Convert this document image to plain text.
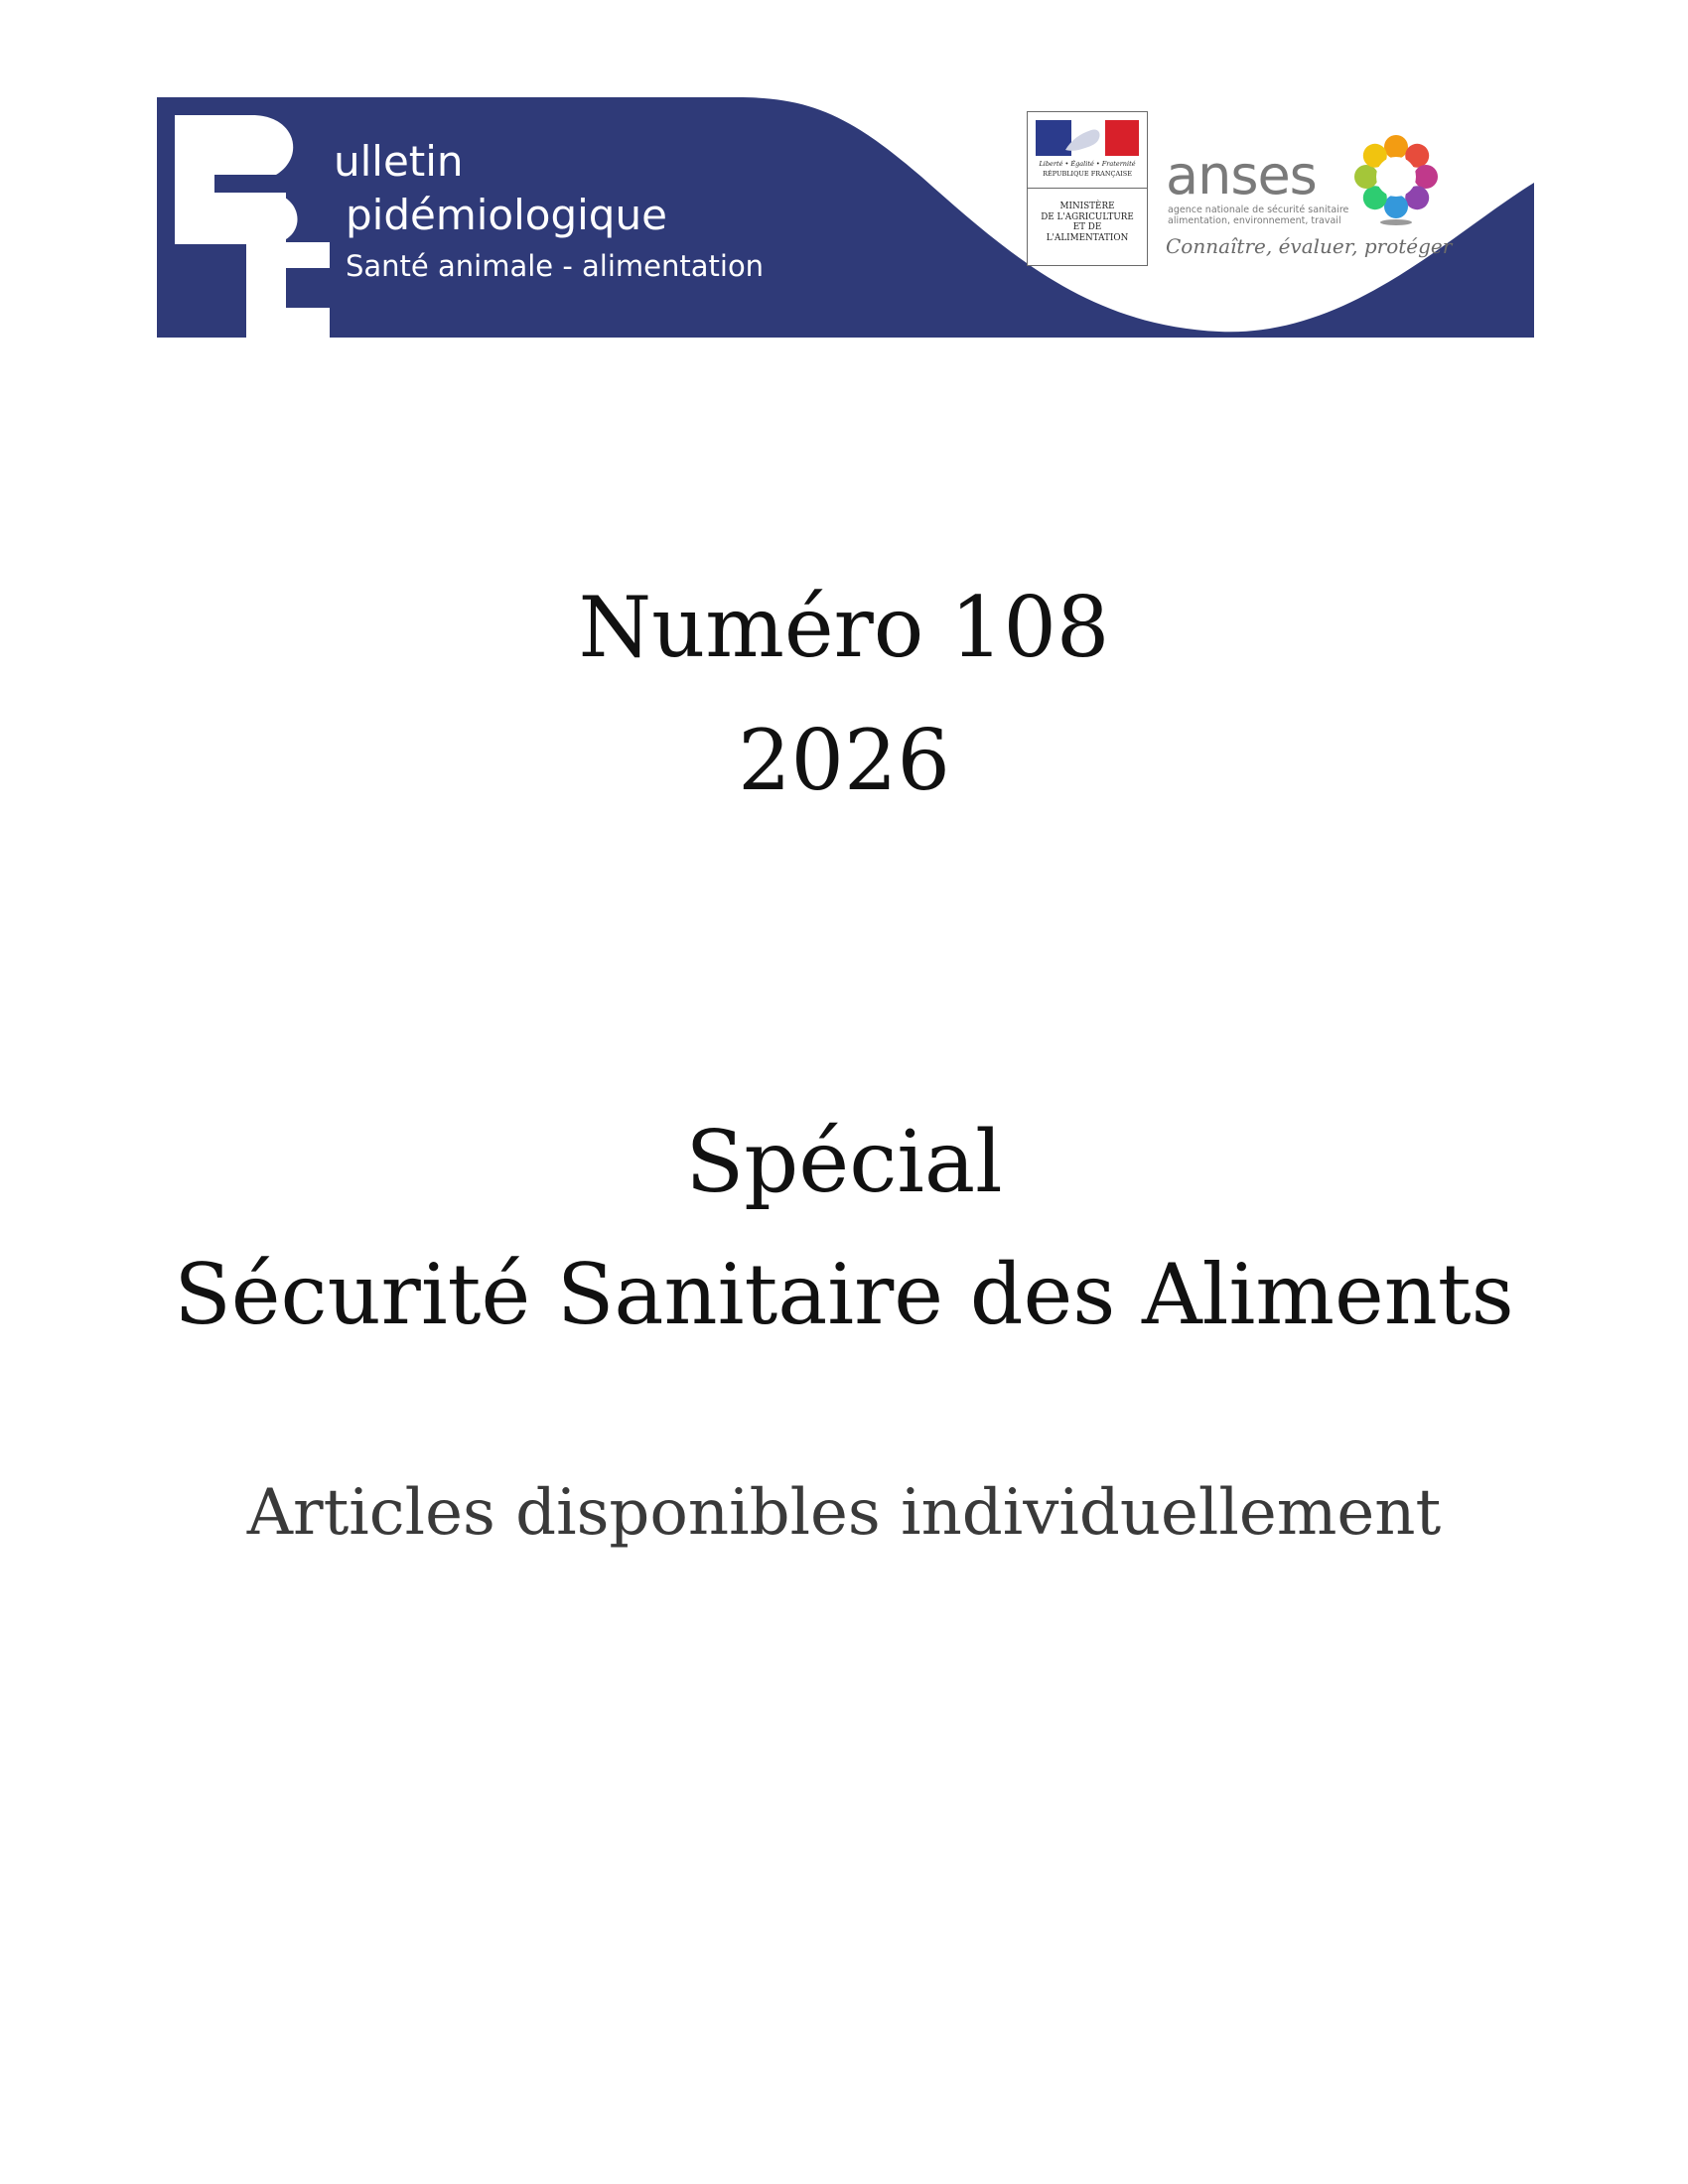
ulletin
pidémiologique
Santé animale - alimentation
Liberté • Égalité • Fraternité
RÉPUBLIQUE FRANÇAISE
MINISTÈRE
DE L'AGRICULTURE
ET DE
L'ALIMENTATION
anses
agence nationale de sécurité sanitaire
alimentation, environnement, travail
Connaître, évaluer, protéger
Numéro 108
2026
Spécial
Sécurité Sanitaire des Aliments
Articles disponibles individuellement
